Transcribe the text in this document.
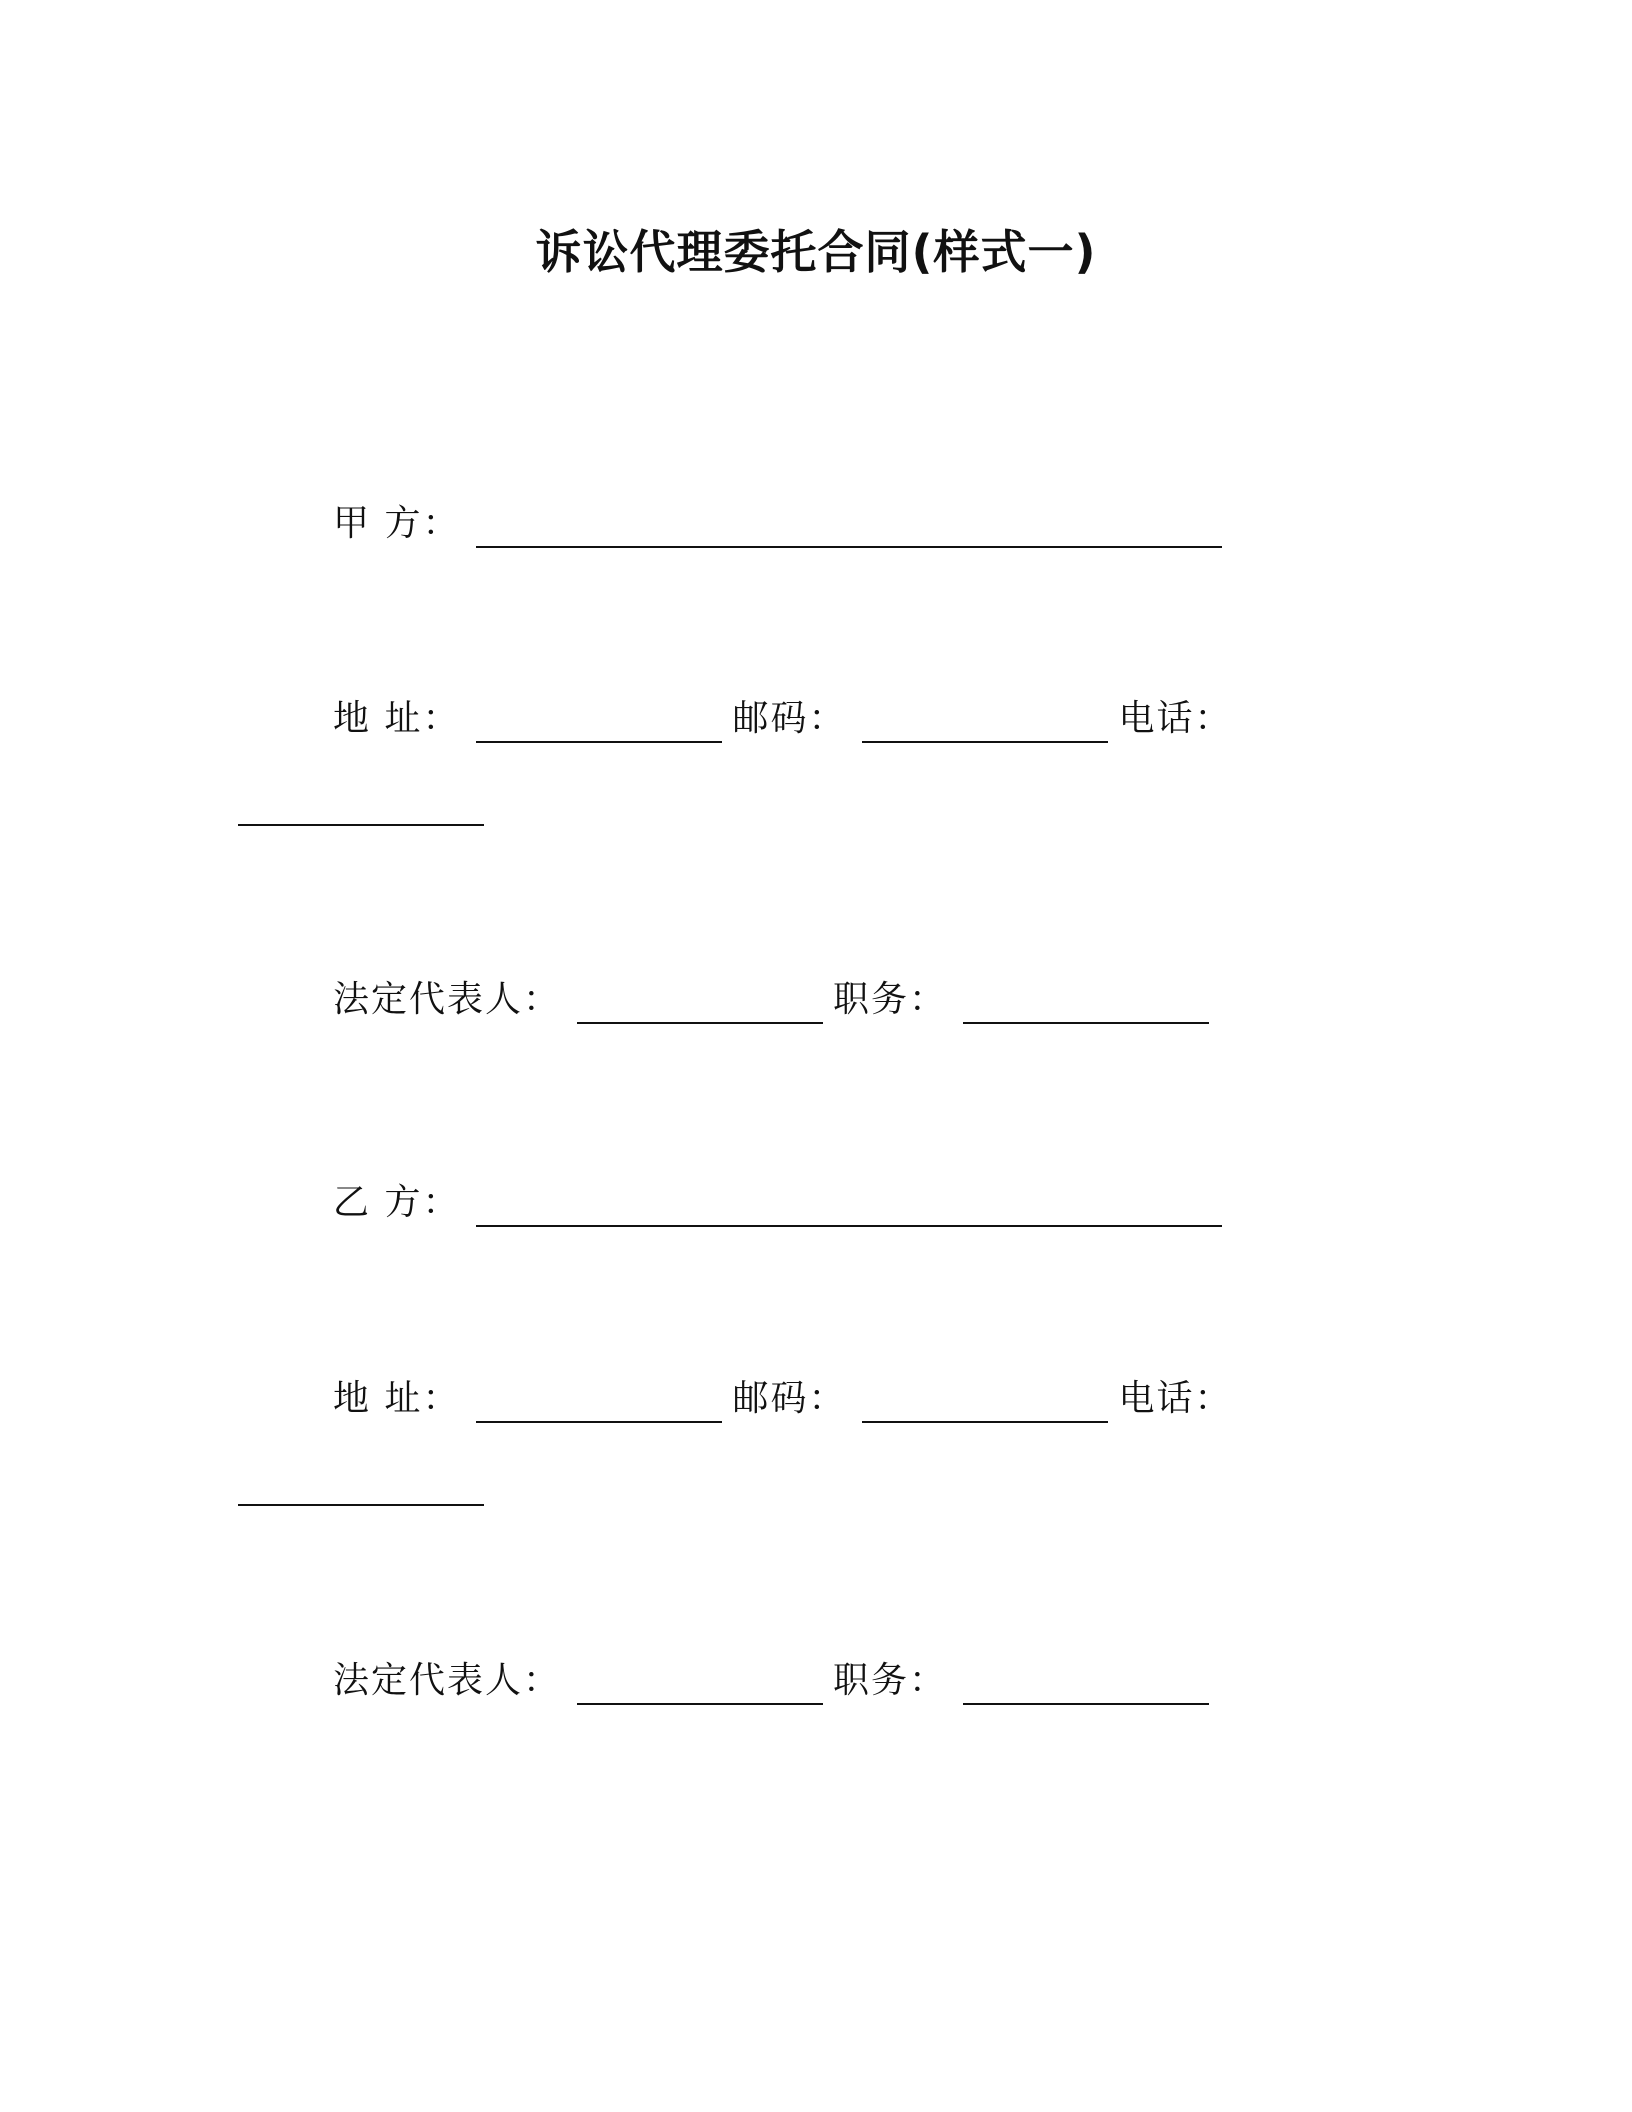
诉讼代理委托合同(样式一)
甲 方：
地 址：	邮码：	电话：
法定代表人：	职务：
乙 方：
地 址：	邮码：	电话：
法定代表人：	职务：
